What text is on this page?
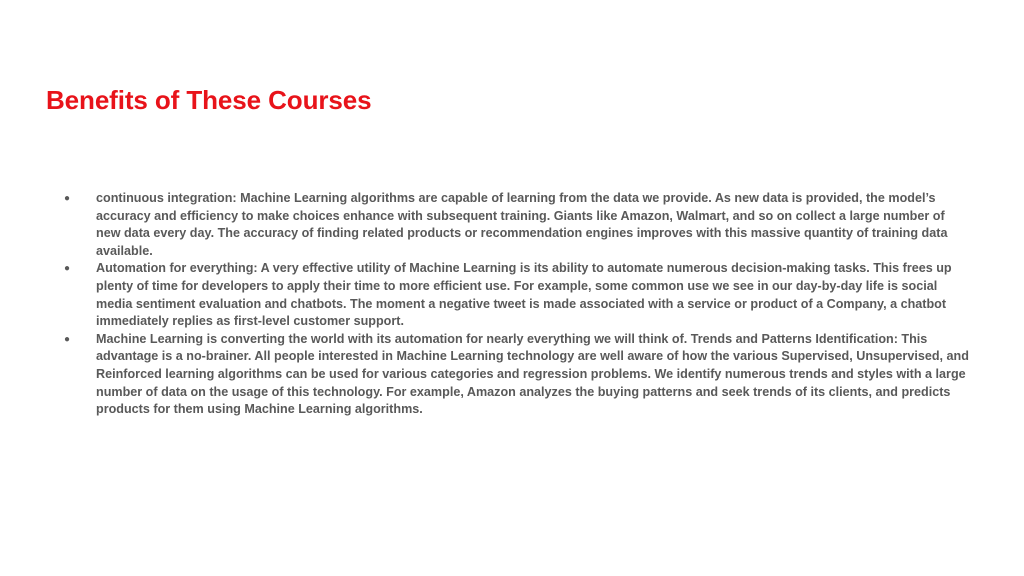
Benefits of These Courses
● continuous integration: Machine Learning algorithms are capable of learning from the data we provide. As new data is provided, the model’s accuracy and efficiency to make choices enhance with subsequent training. Giants like Amazon, Walmart, and so on collect a large number of new data every day. The accuracy of finding related products or recommendation engines improves with this massive quantity of training data available.
● Automation for everything: A very effective utility of Machine Learning is its ability to automate numerous decision-making tasks. This frees up plenty of time for developers to apply their time to more efficient use. For example, some common use we see in our day-by-day life is social media sentiment evaluation and chatbots. The moment a negative tweet is made associated with a service or product of a Company, a chatbot immediately replies as first-level customer support.
● Machine Learning is converting the world with its automation for nearly everything we will think of. Trends and Patterns Identification: This advantage is a no-brainer. All people interested in Machine Learning technology are well aware of how the various Supervised, Unsupervised, and Reinforced learning algorithms can be used for various categories and regression problems. We identify numerous trends and styles with a large number of data on the usage of this technology. For example, Amazon analyzes the buying patterns and seek trends of its clients, and predicts products for them using Machine Learning algorithms.
